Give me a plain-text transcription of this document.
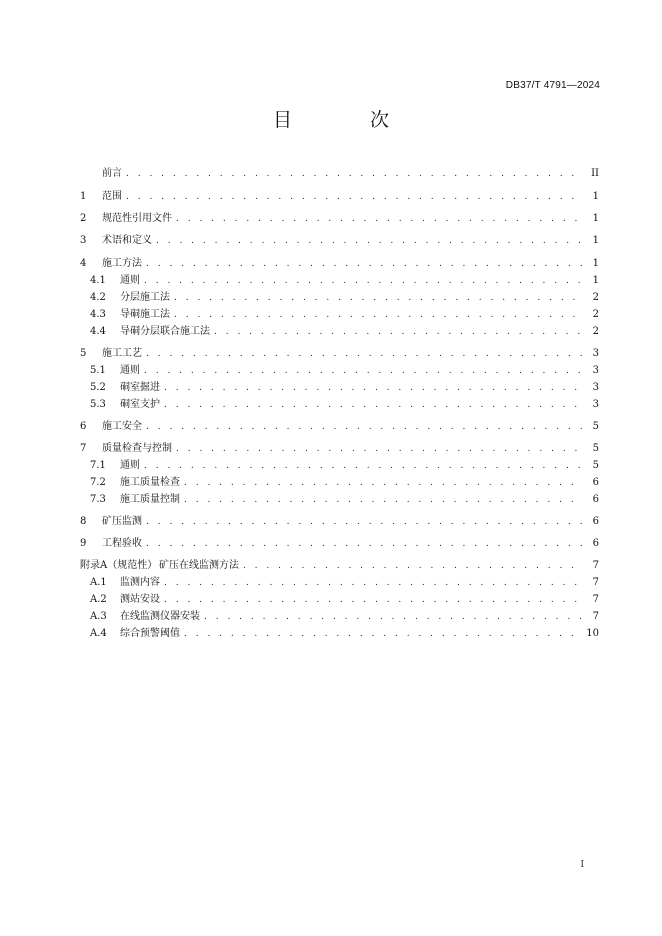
DB37/T 4791—2024
目 次
前言 . . .	II
1	范围 . . .	1
2	规范性引用文件 . . .	1
3	术语和定义 . . .	1
4	施工方法 . . .	1
4.1	通则 . . .	1
4.2	分层施工法 . . .	2
4.3	导硐施工法 . . .	2
4.4	导硐分层联合施工法 . . .	2
5	施工工艺 . . .	3
5.1	通则 . . .	3
5.2	硐室掘进 . . .	3
5.3	硐室支护 . . .	3
6	施工安全 . . .	5
7	质量检查与控制 . . .	5
7.1	通则 . . .	5
7.2	施工质量检查 . . .	6
7.3	施工质量控制 . . .	6
8	矿压监测 . . .	6
9	工程验收 . . .	6
附录A（规范性） 矿压在线监测方法 . . .	7
A.1	监测内容 . . .	7
A.2	测站安设 . . .	7
A.3	在线监测仪器安装 . . .	7
A.4	综合预警阈值 . . .	10
I
